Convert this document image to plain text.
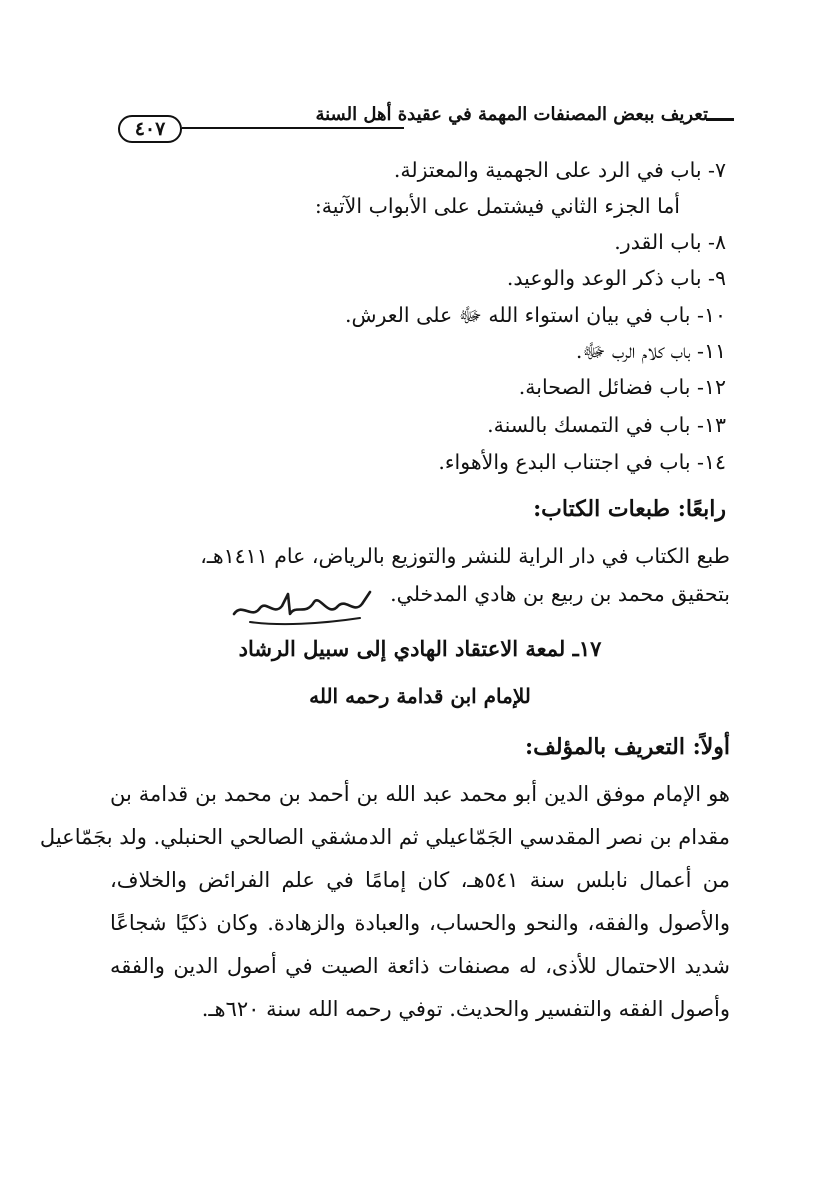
تعريف ببعض المصنفات المهمة في عقيدة أهل السنة
٤٠٧
٧- باب في الرد على الجهمية والمعتزلة.
أما الجزء الثاني فيشتمل على الأبواب الآتية:
٨- باب القدر.
٩- باب ذكر الوعد والوعيد.
١٠- باب في بيان استواء الله ﷻ على العرش.
١١- باب كلام الرب ﷻ.
١٢- باب فضائل الصحابة.
١٣- باب في التمسك بالسنة.
١٤- باب في اجتناب البدع والأهواء.
رابعًا: طبعات الكتاب:
طبع الكتاب في دار الراية للنشر والتوزيع بالرياض، عام ١٤١١هـ،
بتحقيق محمد بن ربيع بن هادي المدخلي.
١٧ـ لمعة الاعتقاد الهادي إلى سبيل الرشاد
للإمام ابن قدامة رحمه الله
أولاً: التعريف بالمؤلف:
هو الإمام موفق الدين أبو محمد عبد الله بن أحمد بن محمد بن قدامة بن
مقدام بن نصر المقدسي الجَمّاعيلي ثم الدمشقي الصالحي الحنبلي. ولد بجَمّاعيل
من أعمال نابلس سنة ٥٤١هـ، كان إمامًا في علم الفرائض والخلاف،
والأصول والفقه، والنحو والحساب، والعبادة والزهادة. وكان ذكيًا شجاعًا
شديد الاحتمال للأذى، له مصنفات ذائعة الصيت في أصول الدين والفقه
وأصول الفقه والتفسير والحديث. توفي رحمه الله سنة ٦٢٠هـ.
